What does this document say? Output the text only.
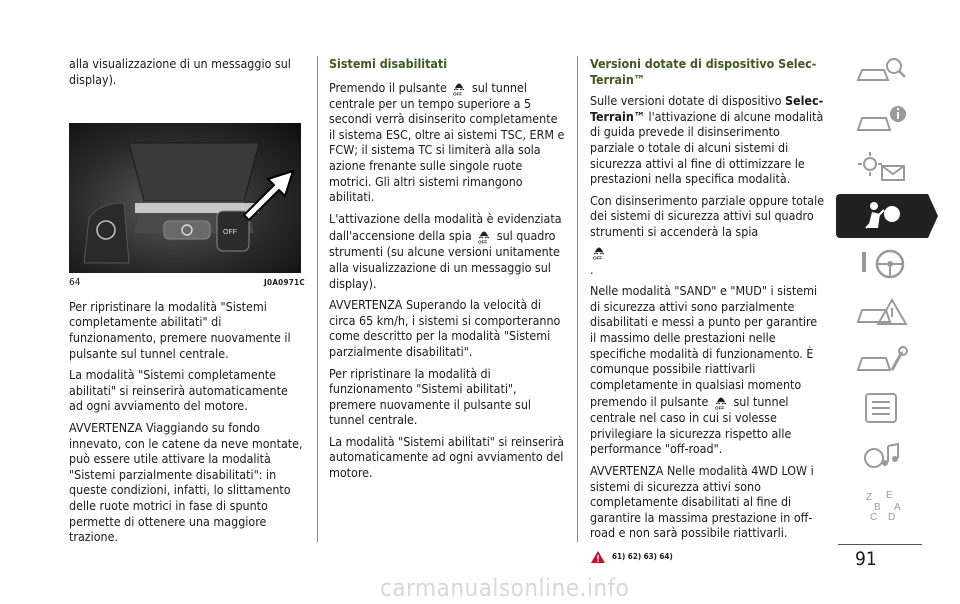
alla visualizzazione di un messaggio sul display).

OFF
64	J0A0971C

Per ripristinare la modalità "Sistemi completamente abilitati" di funzionamento, premere nuovamente il pulsante sul tunnel centrale.

La modalità "Sistemi completamente abilitati" si reinserirà automaticamente ad ogni avviamento del motore.

AVVERTENZA Viaggiando su fondo innevato, con le catene da neve montate, può essere utile attivare la modalità "Sistemi parzialmente disabilitati": in queste condizioni, infatti, lo slittamento delle ruote motrici in fase di spunto permette di ottenere una maggiore trazione.

Sistemi disabilitati

Premendo il pulsante OFF sul tunnel centrale per un tempo superiore a 5 secondi verrà disinserito completamente il sistema ESC, oltre ai sistemi TSC, ERM e FCW; il sistema TC si limiterà alla sola azione frenante sulle singole ruote motrici. Gli altri sistemi rimangono abilitati.

L'attivazione della modalità è evidenziata dall'accensione della spia OFF sul quadro strumenti (su alcune versioni unitamente alla visualizzazione di un messaggio sul display).

AVVERTENZA Superando la velocità di circa 65 km/h, i sistemi si comporteranno come descritto per la modalità "Sistemi parzialmente disabilitati".

Per ripristinare la modalità di funzionamento "Sistemi abilitati", premere nuovamente il pulsante sul tunnel centrale.

La modalità "Sistemi abilitati" si reinserirà automaticamente ad ogni avviamento del motore.

Versioni dotate di dispositivo Selec-Terrain™

Sulle versioni dotate di dispositivo Selec-Terrain™ l'attivazione di alcune modalità di guida prevede il disinserimento parziale o totale di alcuni sistemi di sicurezza attivi al fine di ottimizzare le prestazioni nella specifica modalità.

Con disinserimento parziale oppure totale dei sistemi di sicurezza attivi sul quadro strumenti si accenderà la spia
OFF
.

Nelle modalità "SAND" e "MUD" i sistemi di sicurezza attivi sono parzialmente disabilitati e messi a punto per garantire il massimo delle prestazioni nelle specifiche modalità di funzionamento. È comunque possibile riattivarli completamente in qualsiasi momento premendo il pulsante OFF sul tunnel centrale nel caso in cui si volesse privilegiare la sicurezza rispetto alle performance "off-road".

AVVERTENZA Nelle modalità 4WD LOW i sistemi di sicurezza attivi sono completamente disabilitati al fine di garantire la massima prestazione in off-road e non sarà possibile riattivarli.

61) 62) 63) 64)
Z E
B A
C D
91
carmanualsonline.info
